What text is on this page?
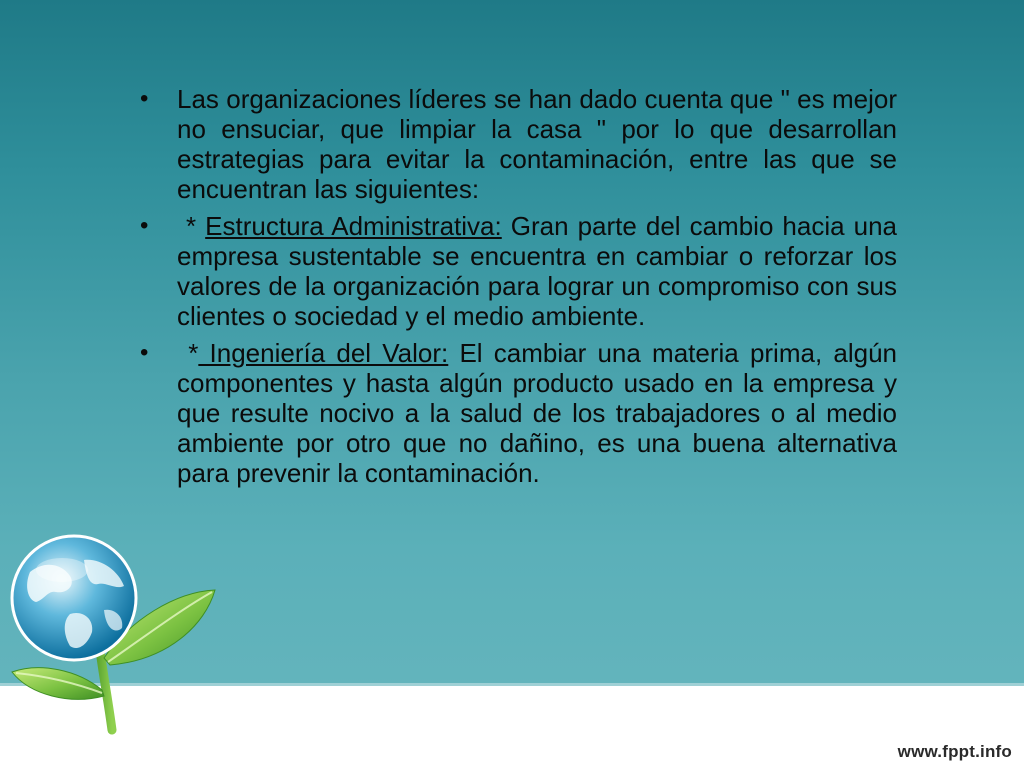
• Las organizaciones líderes se han dado cuenta que " es mejor no ensuciar, que limpiar la casa " por lo que desarrollan estrategias para evitar la contaminación, entre las que se encuentran las siguientes:
• * Estructura Administrativa: Gran parte del cambio hacia una empresa sustentable se encuentra en cambiar o reforzar los valores de la organización para lograr un compromiso con sus clientes o sociedad y el medio ambiente.
• * Ingeniería del Valor: El cambiar una materia prima, algún componentes y hasta algún producto usado en la empresa y que resulte nocivo a la salud de los trabajadores o al medio ambiente por otro que no dañino, es una buena alternativa para prevenir la contaminación.
www.fppt.info
